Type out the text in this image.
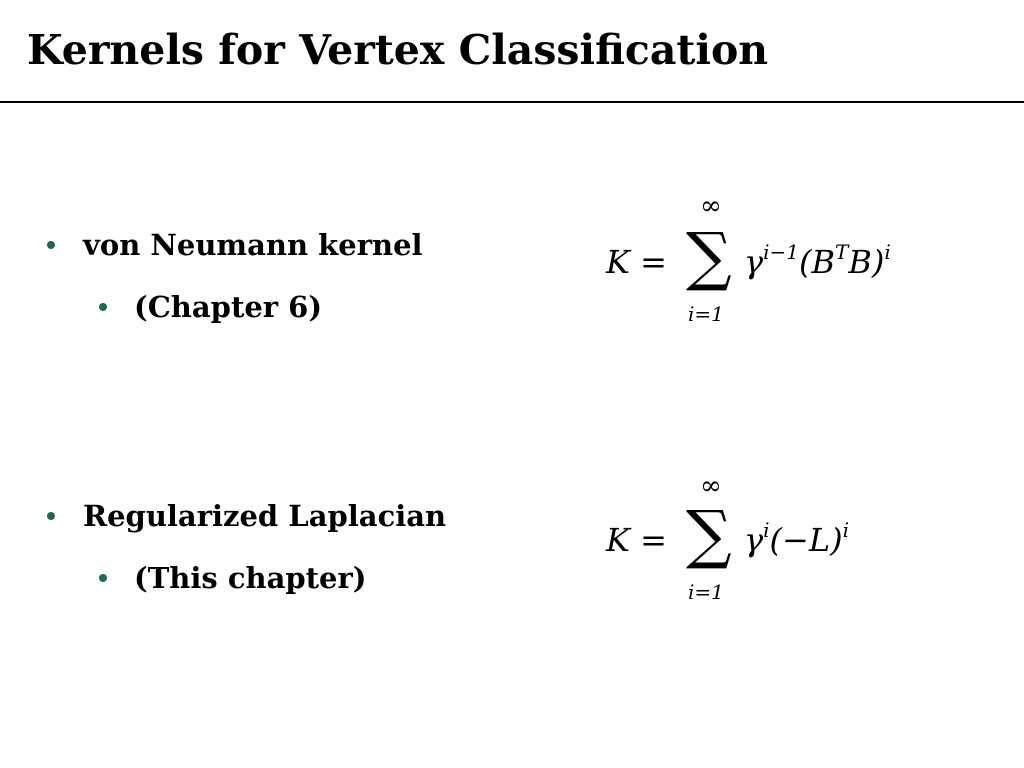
Kernels for Vertex Classification
von Neumann kernel
(Chapter 6)
K =
∞
∑
i=1
$\gamma^{i-1}(B^TB)^i$
Regularized Laplacian
(This chapter)
K =
∞
∑
i=1
$\gamma^i(-L)^i$
